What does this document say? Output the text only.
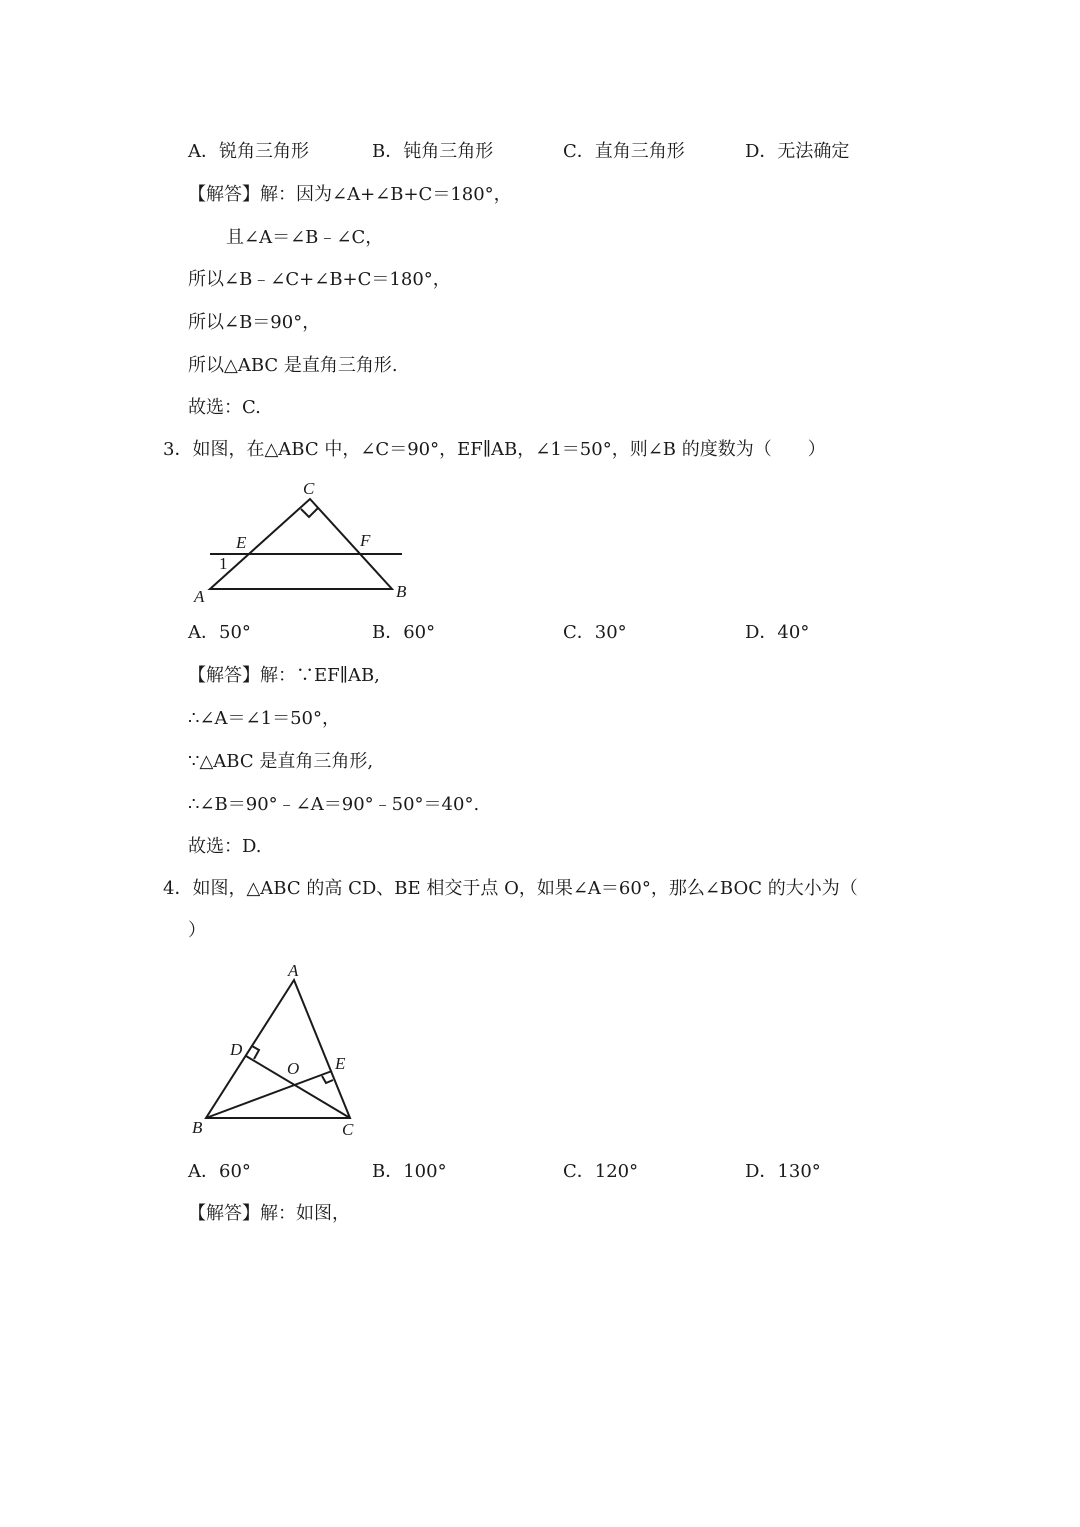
A．锐角三角形	B．钝角三角形	C．直角三角形	D．无法确定
【解答】解：因为∠A+∠B+C＝180°，
且∠A＝∠B﹣∠C，
所以∠B﹣∠C+∠B+C＝180°，
所以∠B＝90°，
所以△ABC 是直角三角形.
故选：C.
3．如图，在△ABC 中，∠C＝90°，EF∥AB，∠1＝50°，则∠B 的度数为（　　）
C
E	F
1
A	B
A．50°	B．60°	C．30°	D．40°
【解答】解：∵EF∥AB,
∴∠A＝∠1＝50°，
∵△ABC 是直角三角形,
∴∠B＝90°﹣∠A＝90°﹣50°＝40°.
故选：D.
4．如图，△ABC 的高 CD、BE 相交于点 O，如果∠A＝60°，那么∠BOC 的大小为（
）
A
D
O E
B	C
A．60°	B．100°	C．120°	D．130°
【解答】解：如图，
